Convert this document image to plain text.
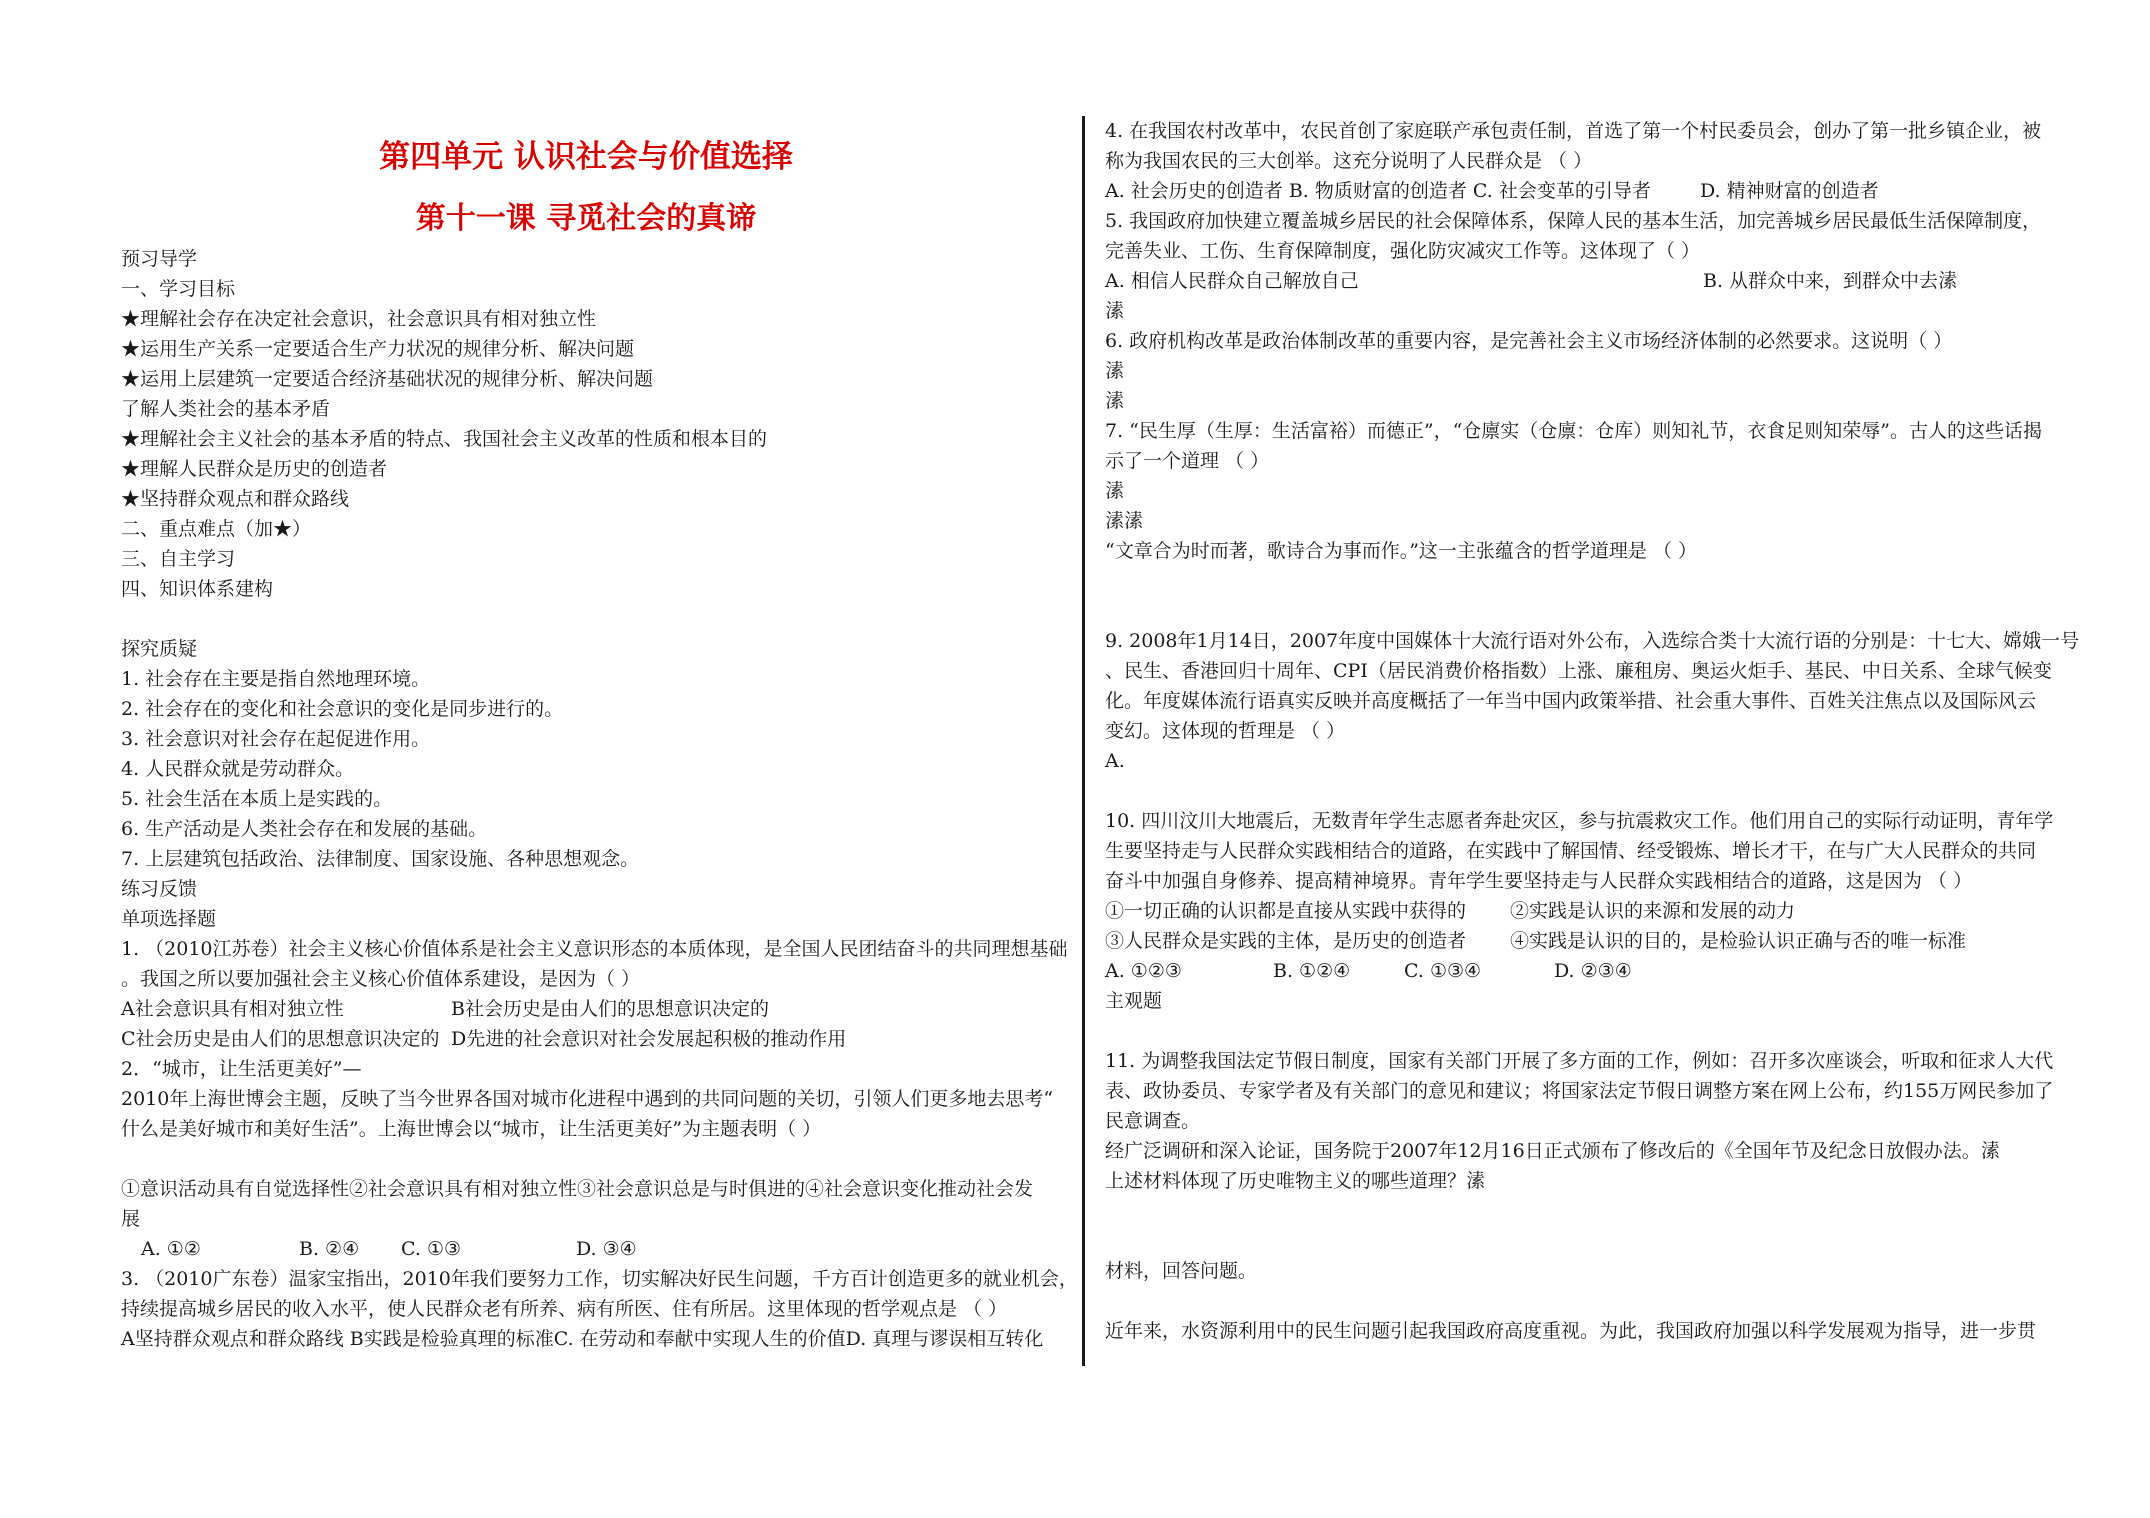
第四单元 认识社会与价值选择
第十一课 寻觅社会的真谛
预习导学
一、学习目标
★理解社会存在决定社会意识，社会意识具有相对独立性
★运用生产关系一定要适合生产力状况的规律分析、解决问题
★运用上层建筑一定要适合经济基础状况的规律分析、解决问题
了解人类社会的基本矛盾
★理解社会主义社会的基本矛盾的特点、我国社会主义改革的性质和根本目的
★理解人民群众是历史的创造者
★坚持群众观点和群众路线
二、重点难点（加★）
三、自主学习
四、知识体系建构
探究质疑
1. 社会存在主要是指自然地理环境。
2. 社会存在的变化和社会意识的变化是同步进行的。
3. 社会意识对社会存在起促进作用。
4. 人民群众就是劳动群众。
5. 社会生活在本质上是实践的。
6. 生产活动是人类社会存在和发展的基础。
7. 上层建筑包括政治、法律制度、国家设施、各种思想观念。
练习反馈
单项选择题
1. （2010江苏卷）社会主义核心价值体系是社会主义意识形态的本质体现，是全国人民团结奋斗的共同理想基础
。我国之所以要加强社会主义核心价值体系建设，是因为（ ）
A社会意识具有相对独立性	B社会历史是由人们的思想意识决定的
C社会历史是由人们的思想意识决定的 D先进的社会意识对社会发展起积极的推动作用
2．“城市，让生活更美好”—
2010年上海世博会主题，反映了当今世界各国对城市化进程中遇到的共同问题的关切，引领人们更多地去思考“
什么是美好城市和美好生活”。上海世博会以“城市，让生活更美好”为主题表明（ ）
①意识活动具有自觉选择性②社会意识具有相对独立性③社会意识总是与时俱进的④社会意识变化推动社会发
展
A. ①②	B. ②④	C. ①③	D. ③④
3. （2010广东卷）温家宝指出，2010年我们要努力工作，切实解决好民生问题，千方百计创造更多的就业机会，
持续提高城乡居民的收入水平，使人民群众老有所养、病有所医、住有所居。这里体现的哲学观点是 （ ）
A坚持群众观点和群众路线 B实践是检验真理的标准C. 在劳动和奉献中实现人生的价值D. 真理与谬误相互转化
4. 在我国农村改革中，农民首创了家庭联产承包责任制，首选了第一个村民委员会，创办了第一批乡镇企业，被
称为我国农民的三大创举。这充分说明了人民群众是 （ ）
A. 社会历史的创造者 B. 物质财富的创造者 C. 社会变革的引导者	D. 精神财富的创造者
5. 我国政府加快建立覆盖城乡居民的社会保障体系，保障人民的基本生活，加完善城乡居民最低生活保障制度，
完善失业、工伤、生育保障制度，强化防灾减灾工作等。这体现了（ ）
A. 相信人民群众自己解放自己	B. 从群众中来，到群众中去溸
溸
6. 政府机构改革是政治体制改革的重要内容，是完善社会主义市场经济体制的必然要求。这说明（ ）
溸
溸
7. “民生厚（生厚：生活富裕）而德正”，“仓廪实（仓廪：仓库）则知礼节，衣食足则知荣辱”。古人的这些话揭
示了一个道理 （ ）
溸
溸溸
“文章合为时而著，歌诗合为事而作。”这一主张蕴含的哲学道理是 （ ）
9. 2008年1月14日，2007年度中国媒体十大流行语对外公布，入选综合类十大流行语的分别是：十七大、嫦娥一号
、民生、香港回归十周年、CPI（居民消费价格指数）上涨、廉租房、奥运火炬手、基民、中日关系、全球气候变
化。年度媒体流行语真实反映并高度概括了一年当中国内政策举措、社会重大事件、百姓关注焦点以及国际风云
变幻。这体现的哲理是 （ ）
A.
10. 四川汶川大地震后，无数青年学生志愿者奔赴灾区，参与抗震救灾工作。他们用自己的实际行动证明，青年学
生要坚持走与人民群众实践相结合的道路，在实践中了解国情、经受锻炼、增长才干，在与广大人民群众的共同
奋斗中加强自身修养、提高精神境界。青年学生要坚持走与人民群众实践相结合的道路，这是因为 （ ）
①一切正确的认识都是直接从实践中获得的	②实践是认识的来源和发展的动力
③人民群众是实践的主体，是历史的创造者	④实践是认识的目的，是检验认识正确与否的唯一标准
A. ①②③	B. ①②④	C. ①③④	D. ②③④
主观题
11. 为调整我国法定节假日制度，国家有关部门开展了多方面的工作，例如：召开多次座谈会，听取和征求人大代
表、政协委员、专家学者及有关部门的意见和建议；将国家法定节假日调整方案在网上公布，约155万网民参加了
民意调查。
经广泛调研和深入论证，国务院于2007年12月16日正式颁布了修改后的《全国年节及纪念日放假办法。溸
上述材料体现了历史唯物主义的哪些道理？溸
材料，回答问题。
近年来，水资源利用中的民生问题引起我国政府高度重视。为此，我国政府加强以科学发展观为指导，进一步贯
